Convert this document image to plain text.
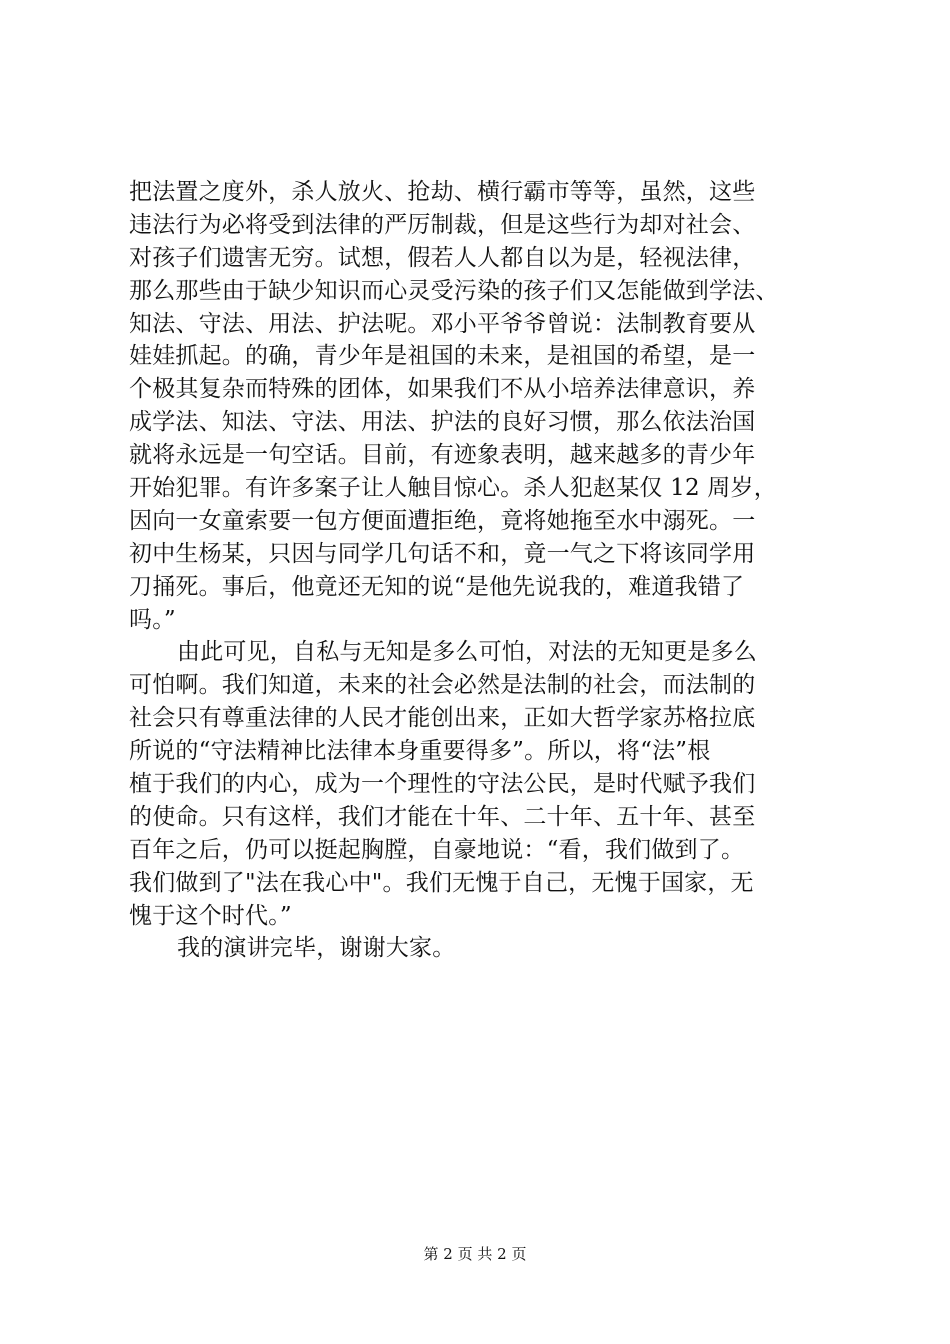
把法置之度外，杀人放火、抢劫、横行霸市等等，虽然，这些
违法行为必将受到法律的严厉制裁，但是这些行为却对社会、
对孩子们遗害无穷。试想，假若人人都自以为是，轻视法律，
那么那些由于缺少知识而心灵受污染的孩子们又怎能做到学法、
知法、守法、用法、护法呢。邓小平爷爷曾说：法制教育要从
娃娃抓起。的确，青少年是祖国的未来，是祖国的希望，是一
个极其复杂而特殊的团体，如果我们不从小培养法律意识，养
成学法、知法、守法、用法、护法的良好习惯，那么依法治国
就将永远是一句空话。目前，有迹象表明，越来越多的青少年
开始犯罪。有许多案子让人触目惊心。杀人犯赵某仅 12 周岁，
因向一女童索要一包方便面遭拒绝，竟将她拖至水中溺死。一
初中生杨某，只因与同学几句话不和，竟一气之下将该同学用
刀捅死。事后，他竟还无知的说“是他先说我的，难道我错了
吗。”
由此可见，自私与无知是多么可怕，对法的无知更是多么
可怕啊。我们知道，未来的社会必然是法制的社会，而法制的
社会只有尊重法律的人民才能创出来，正如大哲学家苏格拉底
所说的“守法精神比法律本身重要得多”。所以，将“法”根
植于我们的内心，成为一个理性的守法公民，是时代赋予我们
的使命。只有这样，我们才能在十年、二十年、五十年、甚至
百年之后，仍可以挺起胸膛，自豪地说：“看，我们做到了。
我们做到了"法在我心中"。我们无愧于自己，无愧于国家，无
愧于这个时代。”
我的演讲完毕，谢谢大家。
第 2 页 共 2 页
